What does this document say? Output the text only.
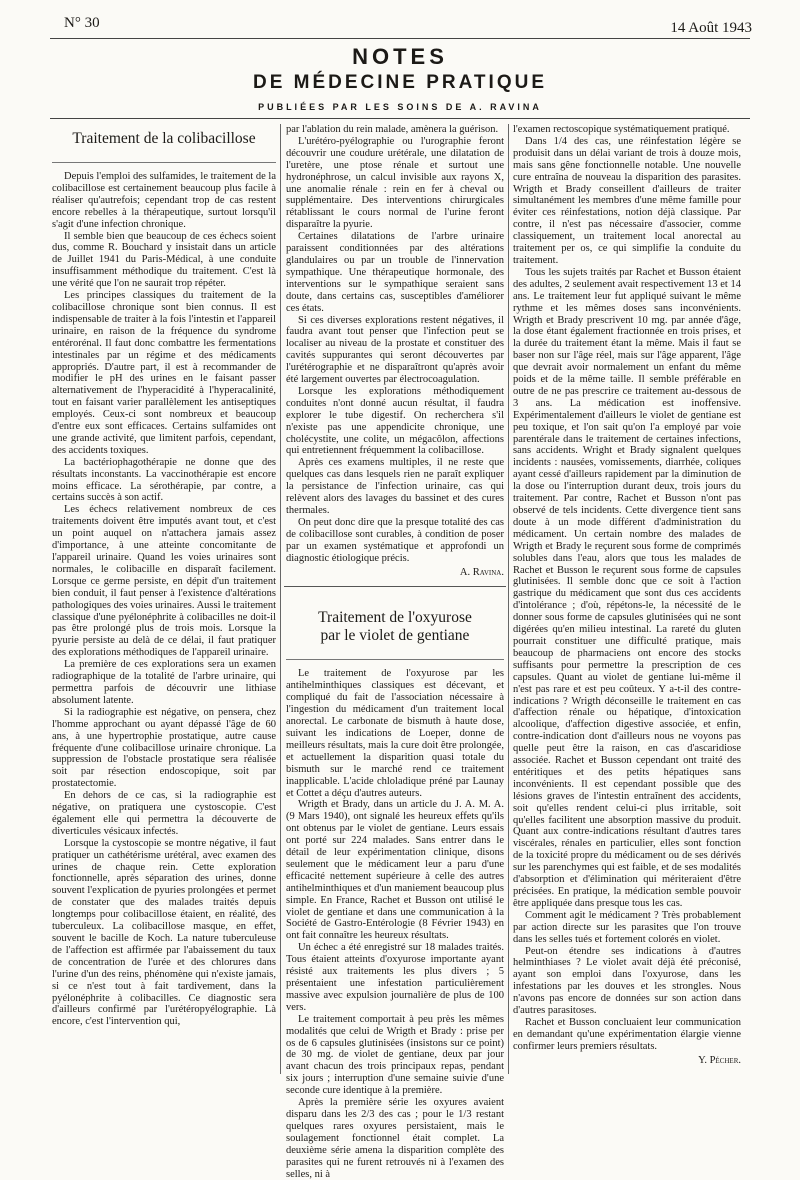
N° 30	14 Août 1943
NOTES
DE MÉDECINE PRATIQUE
PUBLIÉES PAR LES SOINS DE A. RAVINA
Traitement de la colibacillose

Depuis l'emploi des sulfamides, le traitement de la colibacillose est certainement beaucoup plus facile à réaliser qu'autrefois; cependant trop de cas restent encore rebelles à la thérapeutique, surtout lorsqu'il s'agit d'une infection chronique.

Il semble bien que beaucoup de ces échecs soient dus, comme R. Bouchard y insistait dans un article de Juillet 1941 du Paris-Médical, à une conduite insuffisamment méthodique du traitement. C'est là une vérité que l'on ne saurait trop répéter.

Les principes classiques du traitement de la colibacillose chronique sont bien connus. Il est indispensable de traiter à la fois l'intestin et l'appareil urinaire, en raison de la fréquence du syndrome entérorénal. Il faut donc combattre les fermentations intestinales par un régime et des médicaments appropriés. D'autre part, il est à recommander de modifier le pH des urines en le faisant passer alternativement de l'hyperacidité à l'hyperacalinité, tout en faisant varier parallèlement les antiseptiques employés. Ceux-ci sont nombreux et beaucoup d'entre eux sont efficaces. Certains sulfamides ont une grande activité, que limitent parfois, cependant, des accidents toxiques.

La bactériophagothérapie ne donne que des résultats inconstants. La vaccinothérapie est encore moins efficace. La sérothérapie, par contre, a certains succès à son actif.

Les échecs relativement nombreux de ces traitements doivent être imputés avant tout, et c'est un point auquel on n'attachera jamais assez d'importance, à une atteinte concomitante de l'appareil urinaire. Quand les voies urinaires sont normales, le colibacille en disparaît facilement. Lorsque ce germe persiste, en dépit d'un traitement bien conduit, il faut penser à l'existence d'altérations pathologiques des voies urinaires. Aussi le traitement classique d'une pyélonéphrite à colibacilles ne doit-il pas être prolongé plus de trois mois. Lorsque la pyurie persiste au delà de ce délai, il faut pratiquer des explorations méthodiques de l'appareil urinaire.

La première de ces explorations sera un examen radiographique de la totalité de l'arbre urinaire, qui permettra parfois de découvrir une lithiase absolument latente.

Si la radiographie est négative, on pensera, chez l'homme approchant ou ayant dépassé l'âge de 60 ans, à une hypertrophie prostatique, autre cause fréquente d'une colibacillose urinaire chronique. La suppression de l'obstacle prostatique sera réalisée soit par résection endoscopique, soit par prostatectomie.

En dehors de ce cas, si la radiographie est négative, on pratiquera une cystoscopie. C'est également elle qui permettra la découverte de diverticules vésicaux infectés.

Lorsque la cystoscopie se montre négative, il faut pratiquer un cathétérisme urétéral, avec examen des urines de chaque rein. Cette exploration fonctionnelle, après séparation des urines, donne souvent l'explication de pyuries prolongées et permet de constater que des malades traités depuis longtemps pour colibacillose étaient, en réalité, des tuberculeux. La colibacillose masque, en effet, souvent le bacille de Koch. La nature tuberculeuse de l'affection est affirmée par l'abaissement du taux de concentration de l'urée et des chlorures dans l'urine d'un des reins, phénomène qui n'existe jamais, si ce n'est tout à fait tardivement, dans la pyélonéphrite à colibacilles. Ce diagnostic sera d'ailleurs confirmé par l'urétéropyélographie. Là encore, c'est l'intervention qui,

par l'ablation du rein malade, amènera la guérison.

L'urétéro-pyélographie ou l'urographie feront découvrir une coudure urétérale, une dilatation de l'uretère, une ptose rénale et surtout une hydronéphrose, un calcul invisible aux rayons X, une anomalie rénale : rein en fer à cheval ou supplémentaire. Des interventions chirurgicales rétablissant le cours normal de l'urine feront disparaître la pyurie.

Certaines dilatations de l'arbre urinaire paraissent conditionnées par des altérations glandulaires ou par un trouble de l'innervation sympathique. Une thérapeutique hormonale, des interventions sur le sympathique seraient sans doute, dans certains cas, susceptibles d'améliorer ces états.

Si ces diverses explorations restent négatives, il faudra avant tout penser que l'infection peut se localiser au niveau de la prostate et constituer des cavités suppurantes qui seront découvertes par l'urétérographie et ne disparaîtront qu'après avoir été largement ouvertes par électrocoagulation.

Lorsque les explorations méthodiquement conduites n'ont donné aucun résultat, il faudra explorer le tube digestif. On recherchera s'il n'existe pas une appendicite chronique, une cholécystite, une colite, un mégacôlon, affections qui entretiennent fréquemment la colibacillose.

Après ces examens multiples, il ne reste que quelques cas dans lesquels rien ne paraît expliquer la persistance de l'infection urinaire, cas qui relèvent alors des lavages du bassinet et des cures thermales.

On peut donc dire que la presque totalité des cas de colibacillose sont curables, à condition de poser par un examen systématique et approfondi un diagnostic étiologique précis.

A. Ravina.
Traitement de l'oxyurose
par le violet de gentiane

Le traitement de l'oxyurose par les antihelminthiques classiques est décevant, et compliqué du fait de l'association nécessaire à l'ingestion du médicament d'un traitement local anorectal. Le carbonate de bismuth à haute dose, suivant les indications de Loeper, donne de meilleurs résultats, mais la cure doit être prolongée, et actuellement la disparition quasi totale du bismuth sur le marché rend ce traitement inapplicable. L'acide chloladique préné par Launay et Cottet a déçu d'autres auteurs.

Wrigth et Brady, dans un article du J. A. M. A. (9 Mars 1940), ont signalé les heureux effets qu'ils ont obtenus par le violet de gentiane. Leurs essais ont porté sur 224 malades. Sans entrer dans le détail de leur expérimentation clinique, disons seulement que le médicament leur a paru d'une efficacité nettement supérieure à celle des autres antihelminthiques et d'un maniement beaucoup plus simple. En France, Rachet et Busson ont utilisé le violet de gentiane et dans une communication à la Société de Gastro-Entérologie (8 Février 1943) en ont fait connaître les heureux résultats.

Un échec a été enregistré sur 18 malades traités. Tous étaient atteints d'oxyurose importante ayant résisté aux traitements les plus divers ; 5 présentaient une infestation particulièrement massive avec expulsion journalière de plus de 100 vers.

Le traitement comportait à peu près les mêmes modalités que celui de Wrigth et Brady : prise per os de 6 capsules glutinisées (insistons sur ce point) de 30 mg. de violet de gentiane, deux par jour avant chacun des trois principaux repas, pendant six jours ; interruption d'une semaine suivie d'une seconde cure identique à la première.

Après la première série les oxyures avaient disparu dans les 2/3 des cas ; pour le 1/3 restant quelques rares oxyures persistaient, mais le soulagement fonctionnel était complet. La deuxième série amena la disparition complète des parasites qui ne furent retrouvés ni à l'examen des selles, ni à

l'examen rectoscopique systématiquement pratiqué.

Dans 1/4 des cas, une réinfestation légère se produisit dans un délai variant de trois à douze mois, mais sans gêne fonctionnelle notable. Une nouvelle cure entraîna de nouveau la disparition des parasites. Wrigth et Brady conseillent d'ailleurs de traiter simultanément les membres d'une même famille pour éviter ces réinfestations, notion déjà classique. Par contre, il n'est pas nécessaire d'associer, comme classiquement, un traitement local anorectal au traitement per os, ce qui simplifie la conduite du traitement.

Tous les sujets traités par Rachet et Busson étaient des adultes, 2 seulement avait respectivement 13 et 14 ans. Le traitement leur fut appliqué suivant le même rythme et les mêmes doses sans inconvénients. Wrigth et Brady prescrivent 10 mg. par année d'âge, la dose étant également fractionnée en trois prises, et la durée du traitement étant la même. Mais il faut se baser non sur l'âge réel, mais sur l'âge apparent, l'âge que devrait avoir normalement un enfant du même poids et de la même taille. Il semble préférable en outre de ne pas prescrire ce traitement au-dessous de 3 ans. La médication est inoffensive. Expérimentalement d'ailleurs le violet de gentiane est peu toxique, et l'on sait qu'on l'a employé par voie parentérale dans le traitement de certaines infections, sans accidents. Wright et Brady signalent quelques incidents : nausées, vomissements, diarrhée, coliques ayant cessé d'ailleurs rapidement par la diminution de la dose ou l'interruption durant deux, trois jours du traitement. Par contre, Rachet et Busson n'ont pas observé de tels incidents. Cette divergence tient sans doute à un mode différent d'administration du médicament. Un certain nombre des malades de Wrigth et Brady le reçurent sous forme de comprimés solubles dans l'eau, alors que tous les malades de Rachet et Busson le reçurent sous forme de capsules glutinisées. Il semble donc que ce soit à l'action gastrique du médicament que sont dus ces accidents d'intolérance ; d'où, répétons-le, la nécessité de le donner sous forme de capsules glutinisées qui ne sont digérées qu'en milieu intestinal. La rareté du gluten pourrait constituer une difficulté pratique, mais beaucoup de pharmaciens ont encore des stocks suffisants pour permettre la prescription de ces capsules. Quant au violet de gentiane lui-même il n'est pas rare et est peu coûteux. Y a-t-il des contre-indications ? Wrigth déconseille le traitement en cas d'affection rénale ou hépatique, d'intoxication alcoolique, d'affection digestive associée, et enfin, contre-indication dont d'ailleurs nous ne voyons pas quelle peut être la raison, en cas d'ascaridiose associée. Rachet et Busson cependant ont traité des entéritiques et des petits hépatiques sans inconvénients. Il est cependant possible que des lésions graves de l'intestin entraînent des accidents, soit qu'elles rendent celui-ci plus irritable, soit qu'elles facilitent une absorption massive du produit. Quant aux contre-indications résultant d'autres tares viscérales, rénales en particulier, elles sont fonction de la toxicité propre du médicament ou de ses dérivés sur les parenchymes qui est faible, et de ses modalités d'absorption et d'élimination qui mériteraient d'être précisées. En pratique, la médication semble pouvoir être appliquée dans presque tous les cas.

Comment agit le médicament ? Très probablement par action directe sur les parasites que l'on trouve dans les selles tués et fortement colorés en violet.

Peut-on étendre ses indications à d'autres helminthiases ? Le violet avait déjà été préconisé, ayant son emploi dans l'oxyurose, dans les infestations par les douves et les strongles. Nous n'avons pas encore de données sur son action dans d'autres parasitoses.

Rachet et Busson concluaient leur communication en demandant qu'une expérimentation élargie vienne confirmer leurs premiers résultats.

Y. Pécher.
